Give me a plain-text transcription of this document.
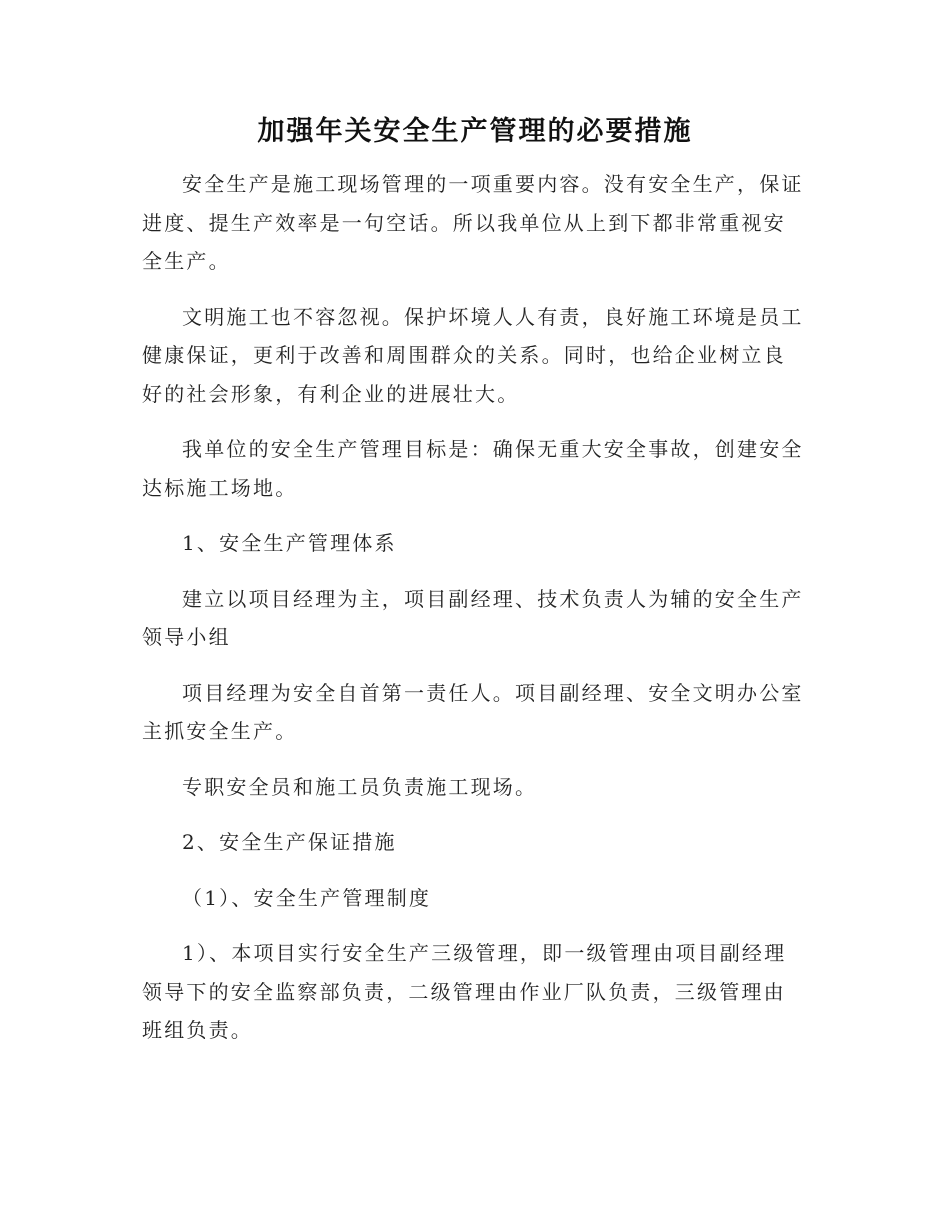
加强年关安全生产管理的必要措施

安全生产是施工现场管理的一项重要内容。没有安全生产，保证进度、提生产效率是一句空话。所以我单位从上到下都非常重视安全生产。

文明施工也不容忽视。保护坏境人人有责，良好施工环境是员工健康保证，更利于改善和周围群众的关系。同时，也给企业树立良好的社会形象，有利企业的进展壮大。

我单位的安全生产管理目标是：确保无重大安全事故，创建安全达标施工场地。

1、安全生产管理体系

建立以项目经理为主，项目副经理、技术负责人为辅的安全生产领导小组

项目经理为安全自首第一责任人。项目副经理、安全文明办公室主抓安全生产。

专职安全员和施工员负责施工现场。

2、安全生产保证措施

（1）、安全生产管理制度

1）、本项目实行安全生产三级管理，即一级管理由项目副经理领导下的安全监察部负责，二级管理由作业厂队负责，三级管理由班组负责。
